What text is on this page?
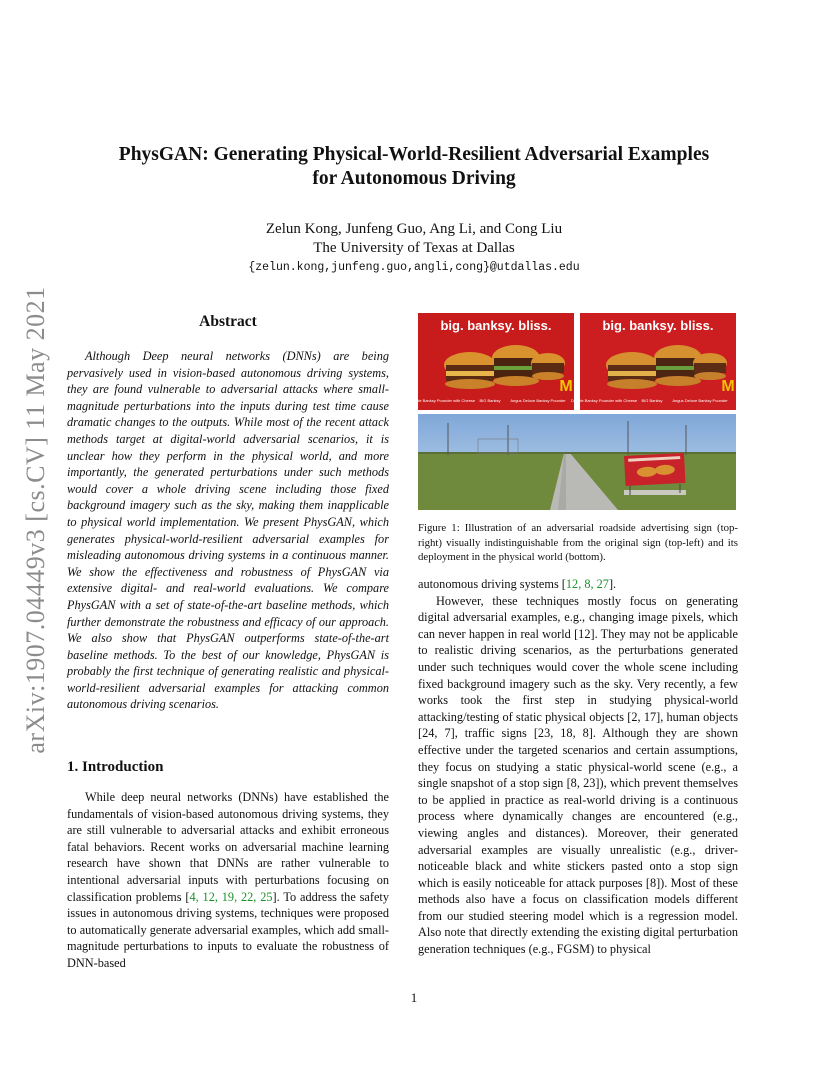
arXiv:1907.04449v3 [cs.CV] 11 May 2021
PhysGAN: Generating Physical-World-Resilient Adversarial Examples
for Autonomous Driving
Zelun Kong, Junfeng Guo, Ang Li, and Cong Liu
The University of Texas at Dallas
{zelun.kong,junfeng.guo,angli,cong}@utdallas.edu
Abstract

Although Deep neural networks (DNNs) are being pervasively used in vision-based autonomous driving systems, they are found vulnerable to adversarial attacks where small-magnitude perturbations into the inputs during test time cause dramatic changes to the outputs. While most of the recent attack methods target at digital-world adversarial scenarios, it is unclear how they perform in the physical world, and more importantly, the generated perturbations under such methods would cover a whole driving scene including those fixed background imagery such as the sky, making them inapplicable to physical world implementation. We present PhysGAN, which generates physical-world-resilient adversarial examples for misleading autonomous driving systems in a continuous manner. We show the effectiveness and robustness of PhysGAN via extensive digital- and real-world evaluations. We compare PhysGAN with a set of state-of-the-art baseline methods, which further demonstrate the robustness and efficacy of our approach. We also show that PhysGAN outperforms state-of-the-art baseline methods. To the best of our knowledge, PhysGAN is probably the first technique of generating realistic and physical-world-resilient adversarial examples for attacking common autonomous driving scenarios.

1. Introduction

While deep neural networks (DNNs) have established the fundamentals of vision-based autonomous driving systems, they are still vulnerable to adversarial attacks and exhibit erroneous fatal behaviors. Recent works on adversarial machine learning research have shown that DNNs are rather vulnerable to intentional adversarial inputs with perturbations focusing on classification problems [4, 12, 19, 22, 25]. To address the safety issues in autonomous driving systems, techniques were proposed to automatically generate adversarial examples, which add small-magnitude perturbations to inputs to evaluate the robustness of DNN-based

big. banksy. bliss.
M
Double Banksy Pounder with Cheese BIG Banksy Angus Deluxe Banksy Pounder
big. banksy. bliss.
M
Double Banksy Pounder with Cheese BIG Banksy Angus Deluxe Banksy Pounder
Figure 1: Illustration of an adversarial roadside advertising sign (top-right) visually indistinguishable from the original sign (top-left) and its deployment in the physical world (bottom).

autonomous driving systems [12, 8, 27].

However, these techniques mostly focus on generating digital adversarial examples, e.g., changing image pixels, which can never happen in real world [12]. They may not be applicable to realistic driving scenarios, as the perturbations generated under such techniques would cover the whole scene including fixed background imagery such as the sky. Very recently, a few works took the first step in studying physical-world attacking/testing of static physical objects [2, 17], human objects [24, 7], traffic signs [23, 18, 8]. Although they are shown effective under the targeted scenarios and certain assumptions, they focus on studying a static physical-world scene (e.g., a single snapshot of a stop sign [8, 23]), which prevent themselves to be applied in practice as real-world driving is a continuous process where dynamically changes are encountered (e.g., viewing angles and distances). Moreover, their generated adversarial examples are visually unrealistic (e.g., driver-noticeable black and white stickers pasted onto a stop sign which is easily noticeable for attack purposes [8]). Most of these methods also have a focus on classification models different from our studied steering model which is a regression model. Also note that directly extending the existing digital perturbation generation techniques (e.g., FGSM) to physical

1
